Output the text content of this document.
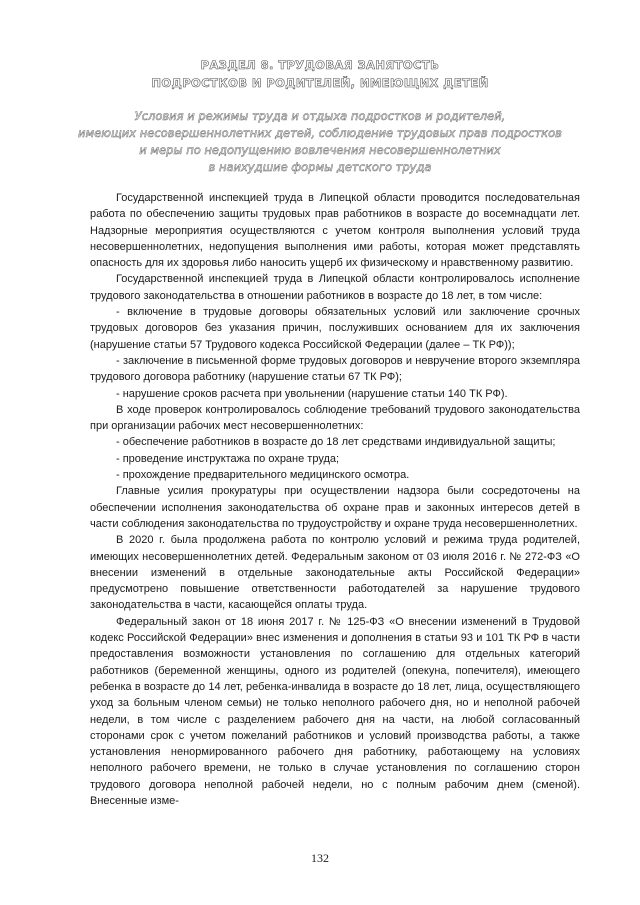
РАЗДЕЛ 8. ТРУДОВАЯ ЗАНЯТОСТЬ
ПОДРОСТКОВ И РОДИТЕЛЕЙ, ИМЕЮЩИХ ДЕТЕЙ
Условия и режимы труда и отдыха подростков и родителей,
имеющих несовершеннолетних детей, соблюдение трудовых прав подростков
и меры по недопущению вовлечения несовершеннолетних
в наихудшие формы детского труда

Государственной инспекцией труда в Липецкой области проводится последовательная работа по обеспечению защиты трудовых прав работников в возрасте до восемнадцати лет. Надзорные мероприятия осуществляются с учетом контроля выполнения условий труда несовершеннолетних, недопущения выполнения ими работы, которая может представлять опасность для их здоровья либо наносить ущерб их физическому и нравственному развитию.

Государственной инспекцией труда в Липецкой области контролировалось исполнение трудового законодательства в отношении работников в возрасте до 18 лет, в том числе:

- включение в трудовые договоры обязательных условий или заключение срочных трудовых договоров без указания причин, послуживших основанием для их заключения (нарушение статьи 57 Трудового кодекса Российской Федерации (далее – ТК РФ));

- заключение в письменной форме трудовых договоров и невручение второго экземпляра трудового договора работнику (нарушение статьи 67 ТК РФ);

- нарушение сроков расчета при увольнении (нарушение статьи 140 ТК РФ).

В ходе проверок контролировалось соблюдение требований трудового законодательства при организации рабочих мест несовершеннолетних:

- обеспечение работников в возрасте до 18 лет средствами индивидуальной защиты;

- проведение инструктажа по охране труда;

- прохождение предварительного медицинского осмотра.

Главные усилия прокуратуры при осуществлении надзора были сосредоточены на обеспечении исполнения законодательства об охране прав и законных интересов детей в части соблюдения законодательства по трудоустройству и охране труда несовершеннолетних.

В 2020 г. была продолжена работа по контролю условий и режима труда родителей, имеющих несовершеннолетних детей. Федеральным законом от 03 июля 2016 г. № 272-ФЗ «О внесении изменений в отдельные законодательные акты Российской Федерации» предусмотрено повышение ответственности работодателей за нарушение трудового законодательства в части, касающейся оплаты труда.

Федеральный закон от 18 июня 2017 г. № 125-ФЗ «О внесении изменений в Трудовой кодекс Российской Федерации» внес изменения и дополнения в статьи 93 и 101 ТК РФ в части предоставления возможности установления по соглашению для отдельных категорий работников (беременной женщины, одного из родителей (опекуна, попечителя), имеющего ребенка в возрасте до 14 лет, ребенка-инвалида в возрасте до 18 лет, лица, осуществляющего уход за больным членом семьи) не только неполного рабочего дня, но и неполной рабочей недели, в том числе с разделением рабочего дня на части, на любой согласованный сторонами срок с учетом пожеланий работников и условий производства работы, а также установления ненормированного рабочего дня работнику, работающему на условиях неполного рабочего времени, не только в случае установления по соглашению сторон трудового договора неполной рабочей недели, но с полным рабочим днем (сменой). Внесенные изме-

132
